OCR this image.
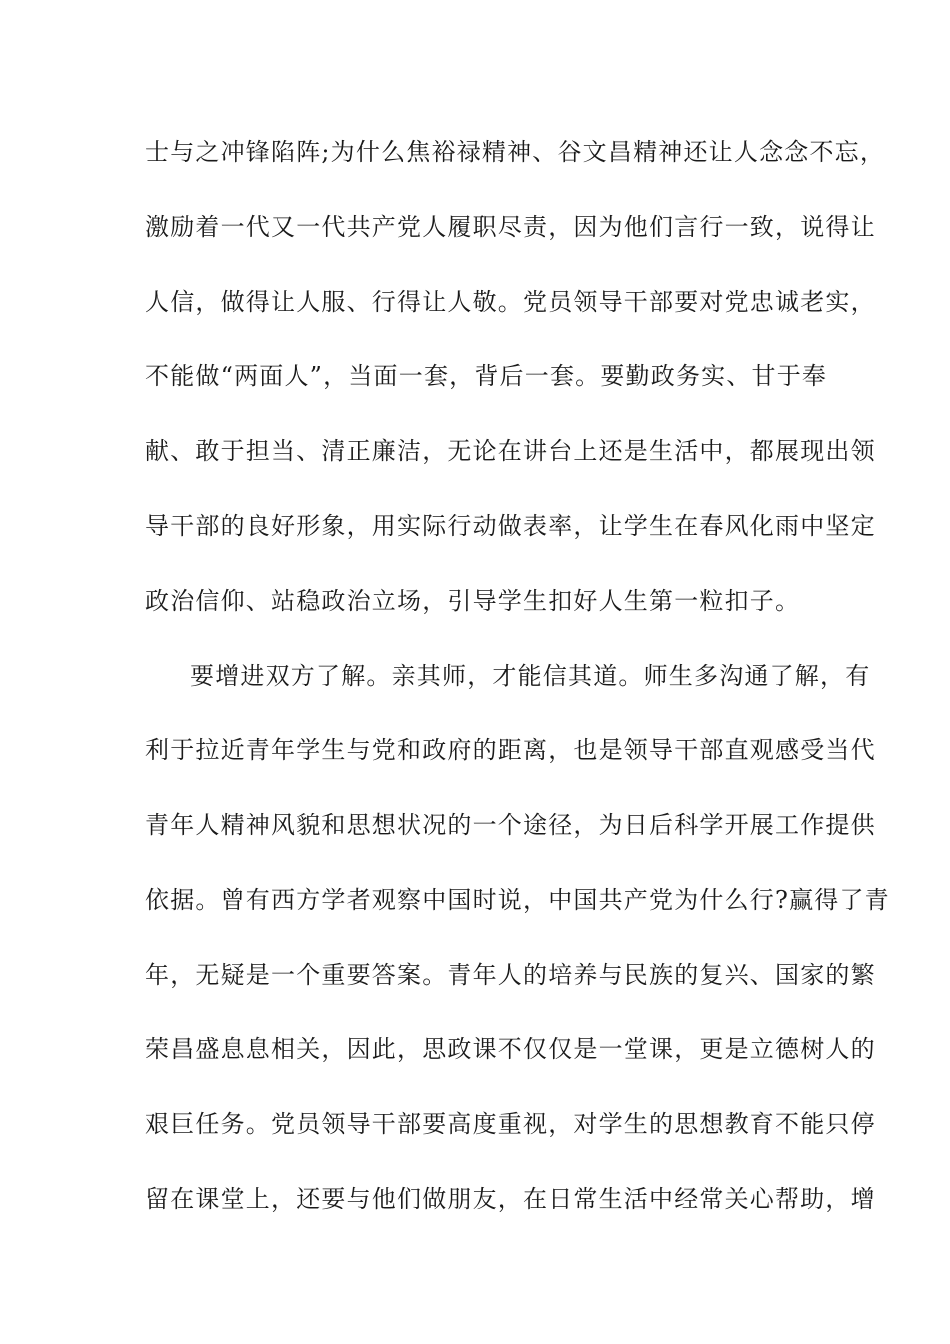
士与之冲锋陷阵;为什么焦裕禄精神、谷文昌精神还让人念念不忘，
激励着一代又一代共产党人履职尽责，因为他们言行一致，说得让
人信，做得让人服、行得让人敬。党员领导干部要对党忠诚老实，
不能做“两面人”，当面一套，背后一套。要勤政务实、甘于奉
献、敢于担当、清正廉洁，无论在讲台上还是生活中，都展现出领
导干部的良好形象，用实际行动做表率，让学生在春风化雨中坚定
政治信仰、站稳政治立场，引导学生扣好人生第一粒扣子。
要增进双方了解。亲其师，才能信其道。师生多沟通了解，有
利于拉近青年学生与党和政府的距离，也是领导干部直观感受当代
青年人精神风貌和思想状况的一个途径，为日后科学开展工作提供
依据。曾有西方学者观察中国时说，中国共产党为什么行?赢得了青
年，无疑是一个重要答案。青年人的培养与民族的复兴、国家的繁
荣昌盛息息相关，因此，思政课不仅仅是一堂课，更是立德树人的
艰巨任务。党员领导干部要高度重视，对学生的思想教育不能只停
留在课堂上，还要与他们做朋友，在日常生活中经常关心帮助，增
